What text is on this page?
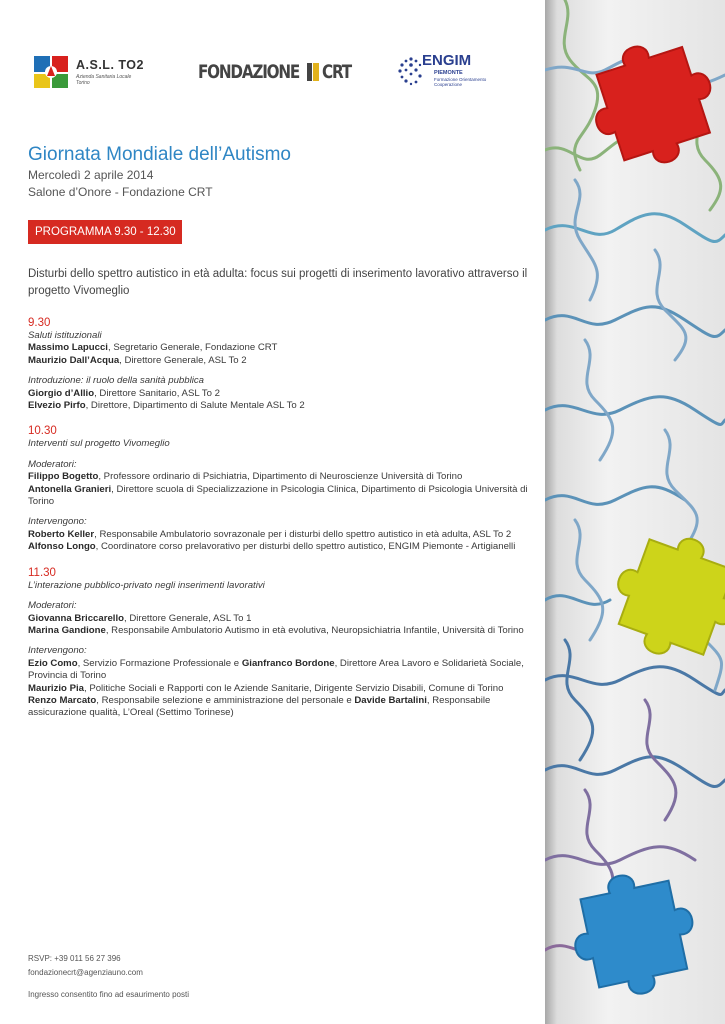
A.S.L. TO2
Azienda Sanitaria Locale
Torino	FONDAZIONE CRT
ENGIM
PIEMONTE
Formazione Orientamento
Cooperazione
Giornata Mondiale dell’Autismo
Mercoledì 2 aprile 2014
Salone d’Onore - Fondazione CRT
PROGRAMMA 9.30 - 12.30
Disturbi dello spettro autistico in età adulta: focus sui progetti di inserimento lavorativo attraverso il progetto Vivomeglio
9.30
Saluti istituzionali
Massimo Lapucci, Segretario Generale, Fondazione CRT
Maurizio Dall’Acqua, Direttore Generale, ASL To 2
Introduzione: il ruolo della sanità pubblica
Giorgio d’Allio, Direttore Sanitario, ASL To 2
Elvezio Pirfo, Direttore, Dipartimento di Salute Mentale ASL To 2
10.30
Interventi sul progetto Vivomeglio
Moderatori:
Filippo Bogetto, Professore ordinario di Psichiatria, Dipartimento di Neuroscienze Università di Torino
Antonella Granieri, Direttore scuola di Specializzazione in Psicologia Clinica, Dipartimento di Psicologia Università di Torino
Intervengono:
Roberto Keller, Responsabile Ambulatorio sovrazonale per i disturbi dello spettro autistico in età adulta, ASL To 2
Alfonso Longo, Coordinatore corso prelavorativo per disturbi dello spettro autistico, ENGIM Piemonte - Artigianelli
11.30
L’interazione pubblico-privato negli inserimenti lavorativi
Moderatori:
Giovanna Briccarello, Direttore Generale, ASL To 1
Marina Gandione, Responsabile Ambulatorio Autismo in età evolutiva, Neuropsichiatria Infantile, Università di Torino
Intervengono:
Ezio Como, Servizio Formazione Professionale e Gianfranco Bordone, Direttore Area Lavoro e Solidarietà Sociale, Provincia di Torino
Maurizio Pia, Politiche Sociali e Rapporti con le Aziende Sanitarie, Dirigente Servizio Disabili, Comune di Torino
Renzo Marcato, Responsabile selezione e amministrazione del personale e Davide Bartalini, Responsabile assicurazione qualità, L’Oreal (Settimo Torinese)
RSVP: +39 011 56 27 396
fondazionecrt@agenziauno.com
Ingresso consentito fino ad esaurimento posti
